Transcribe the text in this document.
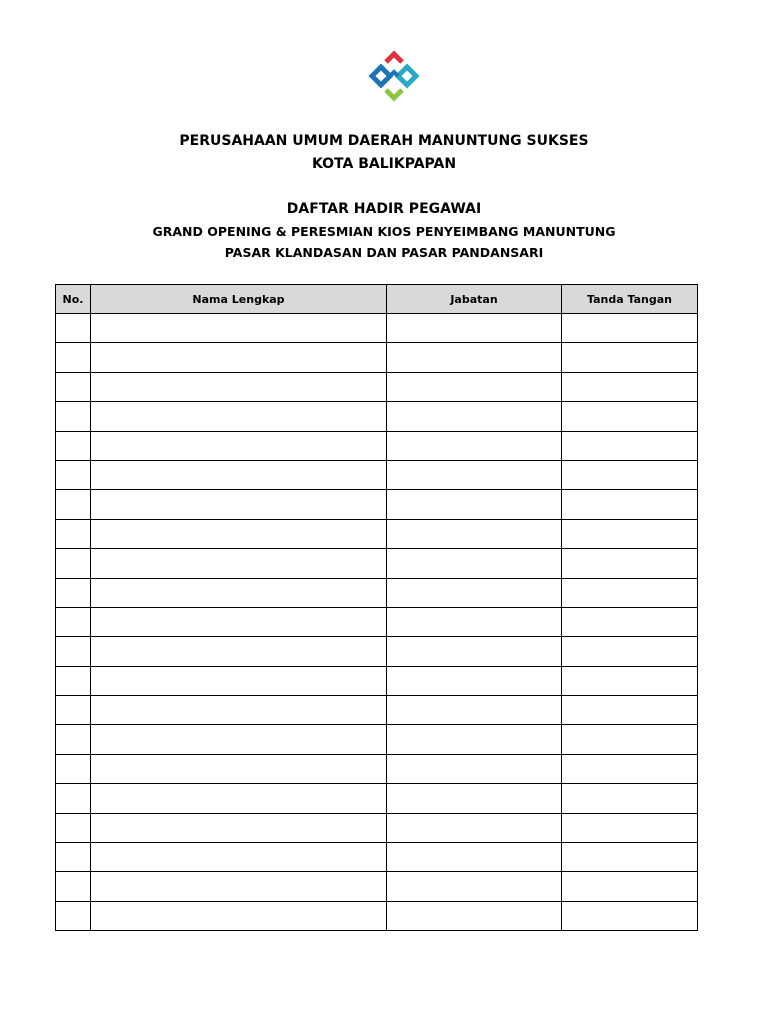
PERUSAHAAN UMUM DAERAH MANUNTUNG SUKSES
KOTA BALIKPAPAN
DAFTAR HADIR PEGAWAI
GRAND OPENING & PERESMIAN KIOS PENYEIMBANG MANUNTUNG
PASAR KLANDASAN DAN PASAR PANDANSARI
No.	Nama Lengkap	Jabatan	Tanda Tangan
